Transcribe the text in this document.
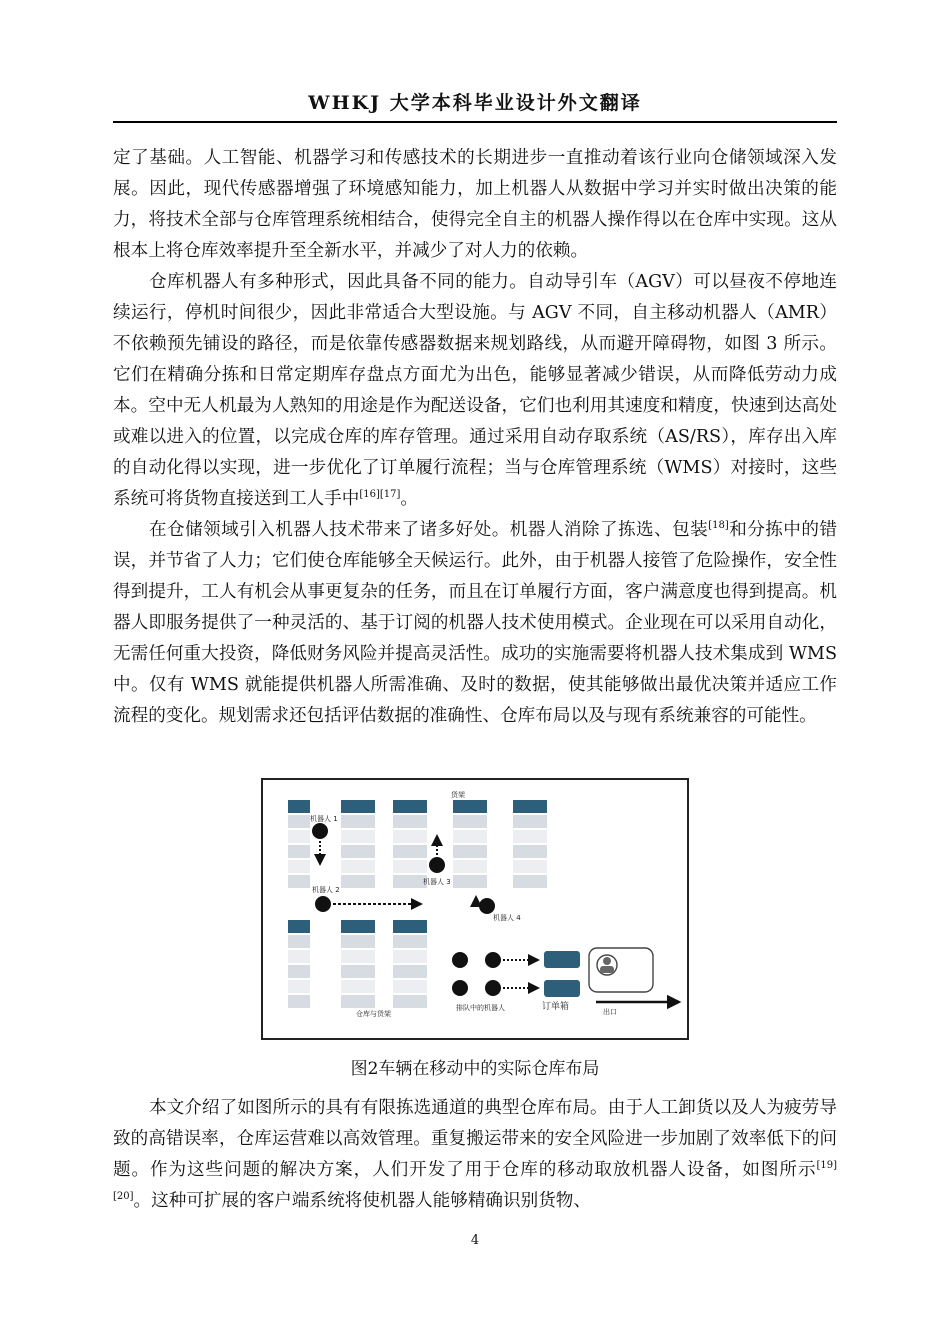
WHKJ 大学本科毕业设计外文翻译

定了基础。人工智能、机器学习和传感技术的长期进步一直推动着该行业向仓储领域深入发展。因此，现代传感器增强了环境感知能力，加上机器人从数据中学习并实时做出决策的能力，将技术全部与仓库管理系统相结合，使得完全自主的机器人操作得以在仓库中实现。这从根本上将仓库效率提升至全新水平，并减少了对人力的依赖。

仓库机器人有多种形式，因此具备不同的能力。自动导引车（AGV）可以昼夜不停地连续运行，停机时间很少，因此非常适合大型设施。与 AGV 不同，自主移动机器人（AMR）不依赖预先铺设的路径，而是依靠传感器数据来规划路线，从而避开障碍物，如图 3 所示。它们在精确分拣和日常定期库存盘点方面尤为出色，能够显著减少错误，从而降低劳动力成本。空中无人机最为人熟知的用途是作为配送设备，它们也利用其速度和精度，快速到达高处或难以进入的位置，以完成仓库的库存管理。通过采用自动存取系统（AS/RS），库存出入库的自动化得以实现，进一步优化了订单履行流程；当与仓库管理系统（WMS）对接时，这些系统可将货物直接送到工人手中[16][17]。

在仓储领域引入机器人技术带来了诸多好处。机器人消除了拣选、包装[18]和分拣中的错误，并节省了人力；它们使仓库能够全天候运行。此外，由于机器人接管了危险操作，安全性得到提升，工人有机会从事更复杂的任务，而且在订单履行方面，客户满意度也得到提高。机器人即服务提供了一种灵活的、基于订阅的机器人技术使用模式。企业现在可以采用自动化，无需任何重大投资，降低财务风险并提高灵活性。成功的实施需要将机器人技术集成到 WMS 中。仅有 WMS 就能提供机器人所需准确、及时的数据，使其能够做出最优决策并适应工作流程的变化。规划需求还包括评估数据的准确性、仓库布局以及与现有系统兼容的可能性。

货架
机器人 1
机器人 2
机器人 3
机器人 4
仓库与货架
排队中的机器人	订单箱	出口
图2车辆在移动中的实际仓库布局

本文介绍了如图所示的具有有限拣选通道的典型仓库布局。由于人工卸货以及人为疲劳导致的高错误率，仓库运营难以高效管理。重复搬运带来的安全风险进一步加剧了效率低下的问题。作为这些问题的解决方案，人们开发了用于仓库的移动取放机器人设备，如图所示[19][20]。这种可扩展的客户端系统将使机器人能够精确识别货物、

4
